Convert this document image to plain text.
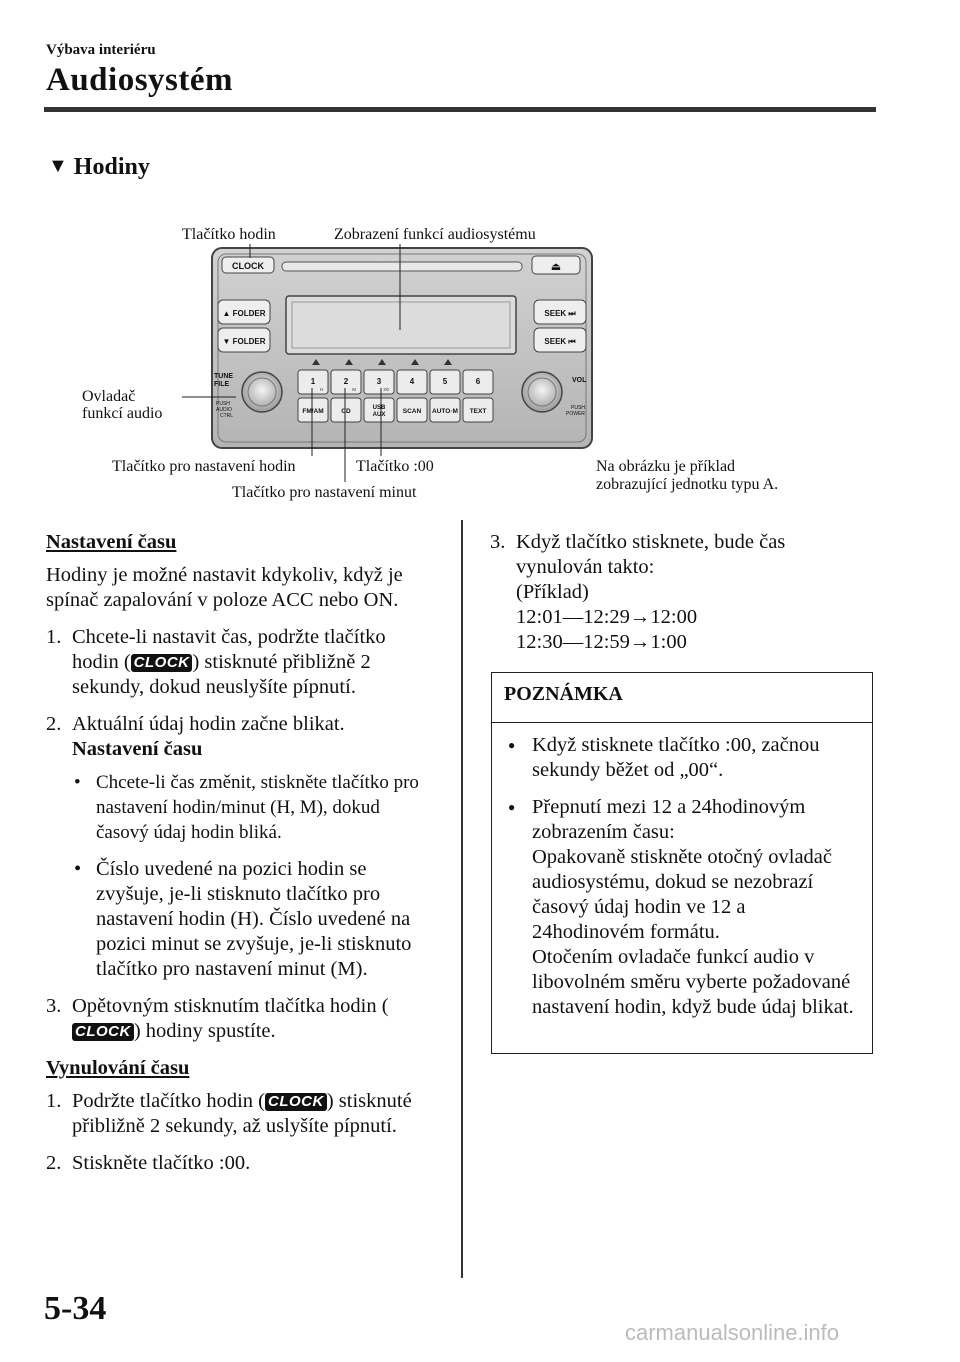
Výbava interiéru
Audiosystém
▼ Hodiny
Tlačítko hodin	Zobrazení funkcí audiosystému
Ovladač
funkcí audio
Tlačítko pro nastavení hodin	Tlačítko :00
Tlačítko pro nastavení minut
Na obrázku je příklad
zobrazující jednotku typu A.
CLOCK	⏏
▲ FOLDER
▼ FOLDER
SEEK ⏭
SEEK ⏮
TUNE
FILE
PUSH
AUDIO
CTRL
VOL
PUSH
POWER
1
H
FM/AM
2
M
CD
3
:00
USB
AUX
4
SCAN
5
AUTO·M
6
TEXT
Nastavení času

Hodiny je možné nastavit kdykoliv, když je spínač zapalování v poloze ACC nebo ON.

1. Chcete-li nastavit čas, podržte tlačítko hodin ( CLOCK ) stisknuté přibližně 2 sekundy, dokud neuslyšíte pípnutí.
2. Aktuální údaj hodin začne blikat.
Nastavení času
• Chcete-li čas změnit, stiskněte tlačítko pro nastavení hodin/minut (H, M), dokud časový údaj hodin bliká.
• Číslo uvedené na pozici hodin se zvyšuje, je-li stisknuto tlačítko pro nastavení hodin (H). Číslo uvedené na pozici minut se zvyšuje, je-li stisknuto tlačítko pro nastavení minut (M).
3. Opětovným stisknutím tlačítka hodin (CLOCK ) hodiny spustíte.
Vynulování času
1. Podržte tlačítko hodin ( CLOCK ) stisknuté přibližně 2 sekundy, až uslyšíte pípnutí.
2. Stiskněte tlačítko :00.
3. Když tlačítko stisknete, bude čas vynulován takto:
(Příklad)
12:01—12:29→12:00
12:30—12:59→1:00
POZNÁMKA
● Když stisknete tlačítko :00, začnou sekundy běžet od „00“.
● Přepnutí mezi 12 a 24hodinovým zobrazením času:
Opakovaně stiskněte otočný ovladač audiosystému, dokud se nezobrazí časový údaj hodin ve 12 a 24hodinovém formátu.
Otočením ovladače funkcí audio v libovolném směru vyberte požadované nastavení hodin, když bude údaj blikat.
5-34
carmanualsonline.info
